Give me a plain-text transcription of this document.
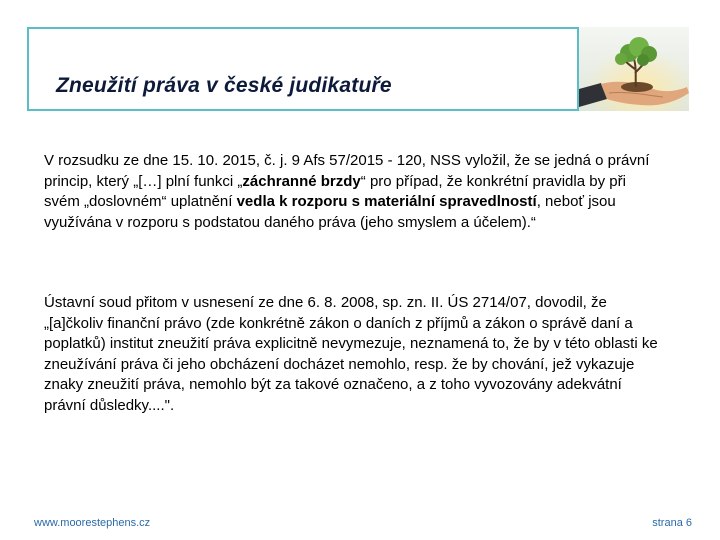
Zneužití práva v české judikatuře

V rozsudku ze dne 15. 10. 2015, č. j. 9 Afs 57/2015 - 120, NSS vyložil, že se jedná o právní princip, který „[…] plní funkci „záchranné brzdy“ pro případ, že konkrétní pravidla by při svém „doslovném“ uplatnění vedla k rozporu s materiální spravedlností, neboť jsou využívána v rozporu s podstatou daného práva (jeho smyslem a účelem).“

Ústavní soud přitom v usnesení ze dne 6. 8. 2008, sp. zn. II. ÚS 2714/07, dovodil, že „[a]čkoliv finanční právo (zde konkrétně zákon o daních z příjmů a zákon o správě daní a poplatků) institut zneužití práva explicitně nevymezuje, neznamená to, že by v této oblasti ke zneužívání práva či jeho obcházení docházet nemohlo, resp. že by chování, jež vykazuje znaky zneužití práva, nemohlo být za takové označeno, a z toho vyvozovány adekvátní právní důsledky....".

www.moorestephens.cz	strana 6
